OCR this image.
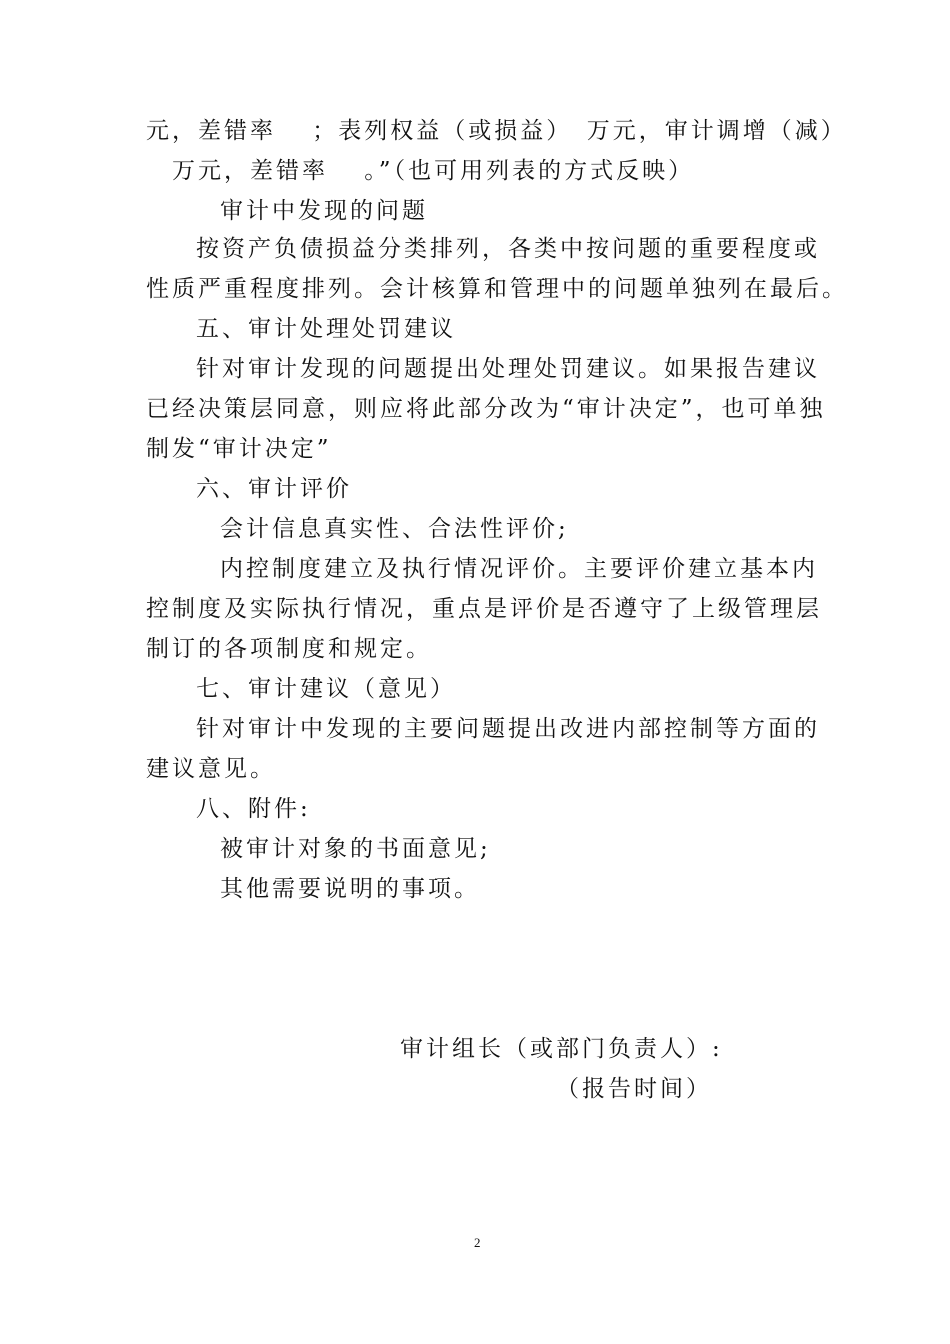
元，差错率　 ；表列权益（或损益）　万元，审计调增（减）
　万元，差错率　 。”（也可用列表的方式反映）
审计中发现的问题
按资产负债损益分类排列，各类中按问题的重要程度或
性质严重程度排列。会计核算和管理中的问题单独列在最后。
五、审计处理处罚建议
针对审计发现的问题提出处理处罚建议。如果报告建议
已经决策层同意，则应将此部分改为“审计决定”，也可单独
制发“审计决定”
六、审计评价
会计信息真实性、合法性评价;
内控制度建立及执行情况评价。主要评价建立基本内
控制度及实际执行情况，重点是评价是否遵守了上级管理层
制订的各项制度和规定。
七、审计建议（意见）
针对审计中发现的主要问题提出改进内部控制等方面的
建议意见。
八、附件:
被审计对象的书面意见;
其他需要说明的事项。
审计组长（或部门负责人）:
（报告时间）
2
